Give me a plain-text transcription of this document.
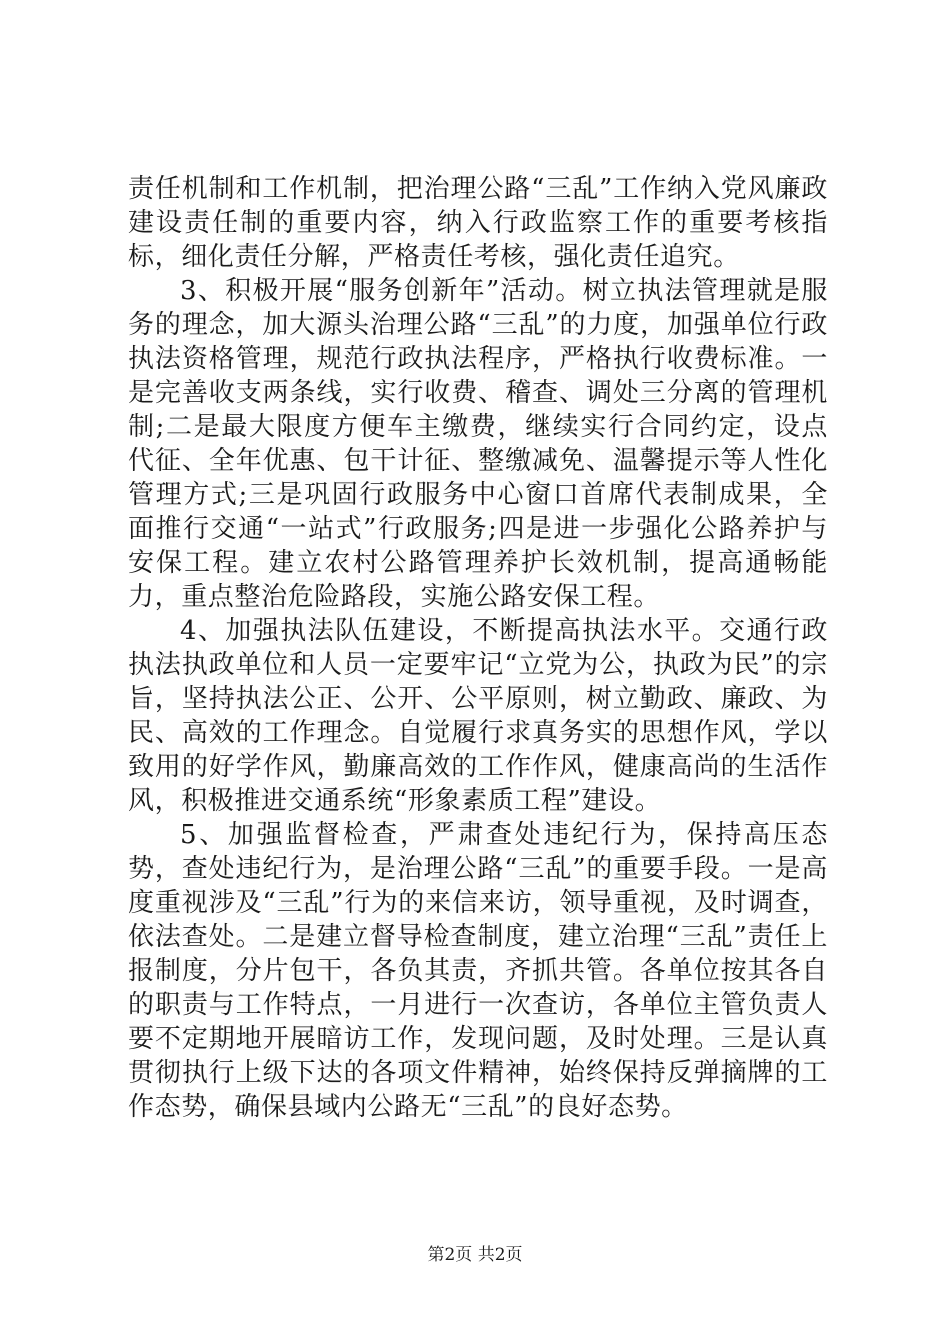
责任机制和工作机制，把治理公路“三乱”工作纳入党风廉政建设责任制的重要内容，纳入行政监察工作的重要考核指标，细化责任分解，严格责任考核，强化责任追究。

3、积极开展“服务创新年”活动。树立执法管理就是服务的理念，加大源头治理公路“三乱”的力度，加强单位行政执法资格管理，规范行政执法程序，严格执行收费标准。一是完善收支两条线，实行收费、稽查、调处三分离的管理机制;二是最大限度方便车主缴费，继续实行合同约定，设点代征、全年优惠、包干计征、整缴减免、温馨提示等人性化管理方式;三是巩固行政服务中心窗口首席代表制成果，全面推行交通“一站式”行政服务;四是进一步强化公路养护与安保工程。建立农村公路管理养护长效机制，提高通畅能力，重点整治危险路段，实施公路安保工程。

4、加强执法队伍建设，不断提高执法水平。交通行政执法执政单位和人员一定要牢记“立党为公，执政为民”的宗旨，坚持执法公正、公开、公平原则，树立勤政、廉政、为民、高效的工作理念。自觉履行求真务实的思想作风，学以致用的好学作风，勤廉高效的工作作风，健康高尚的生活作风，积极推进交通系统“形象素质工程”建设。

5、加强监督检查，严肃查处违纪行为，保持高压态势，查处违纪行为，是治理公路“三乱”的重要手段。一是高度重视涉及“三乱”行为的来信来访，领导重视，及时调查，依法查处。二是建立督导检查制度，建立治理“三乱”责任上报制度，分片包干，各负其责，齐抓共管。各单位按其各自的职责与工作特点，一月进行一次查访，各单位主管负责人要不定期地开展暗访工作，发现问题，及时处理。三是认真贯彻执行上级下达的各项文件精神，始终保持反弹摘牌的工作态势，确保县域内公路无“三乱”的良好态势。

第2页 共2页
